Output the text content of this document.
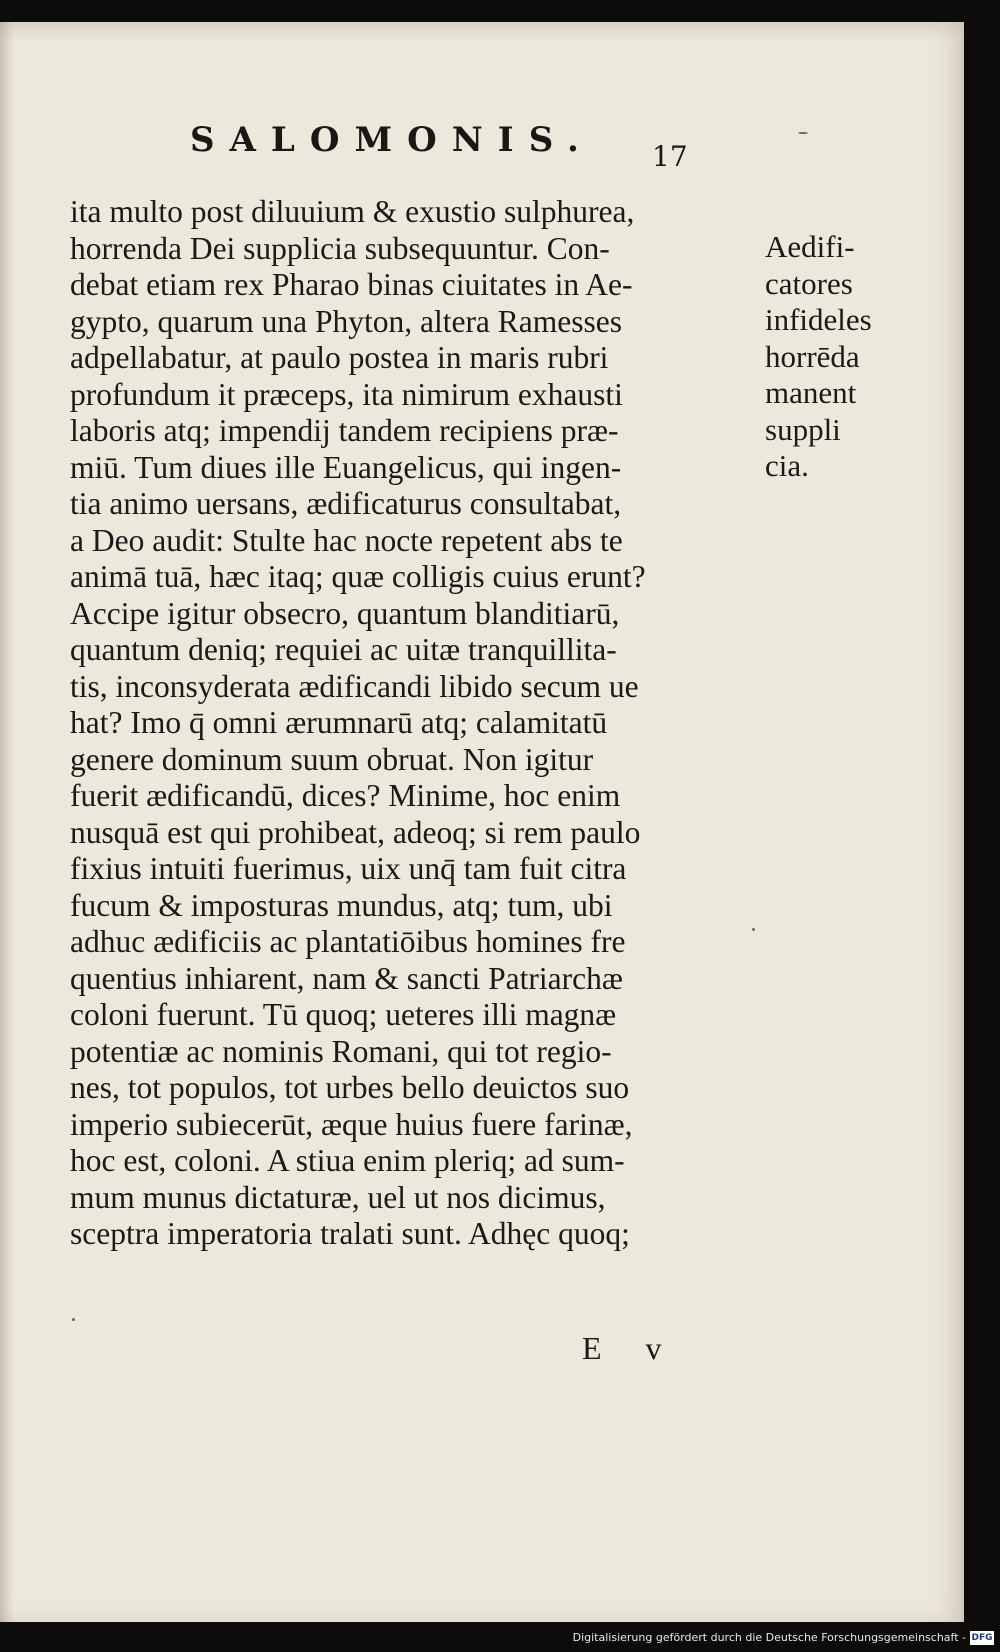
SALOMONIS. 17

ita multo post diluuium & exustio sulphurea,
horrenda Dei supplicia subsequuntur. Con-
debat etiam rex Pharao binas ciuitates in Ae-
gypto, quarum una Phyton, altera Ramesses
adpellabatur, at paulo postea in maris rubri
profundum it præceps, ita nimirum exhausti
laboris atq; impendij tandem recipiens præ-
miū. Tum diues ille Euangelicus, qui ingen-
tia animo uersans, ædificaturus consultabat,
a Deo audit: Stulte hac nocte repetent abs te
animā tuā, hæc itaq; quæ colligis cuius erunt?
Accipe igitur obsecro, quantum blanditiarū,
quantum deniq; requiei ac uitæ tranquillita-
tis, inconsyderata ædificandi libido secum ue
hat? Imo q̄ omni ærumnarū atq; calamitatū
genere dominum suum obruat. Non igitur
fuerit ædificandū, dices? Minime, hoc enim
nusquā est qui prohibeat, adeoq; si rem paulo
fixius intuiti fuerimus, uix unq̄ tam fuit citra
fucum & imposturas mundus, atq; tum, ubi
adhuc ædificiis ac plantatiōibus homines fre
quentius inhiarent, nam & sancti Patriarchæ
coloni fuerunt. Tū quoq; ueteres illi magnæ
potentiæ ac nominis Romani, qui tot regio-
nes, tot populos, tot urbes bello deuictos suo
imperio subiecerūt, æque huius fuere farinæ,
hoc est, coloni. A stiua enim pleriq; ad sum-
mum munus dictaturæ, uel ut nos dicimus,
sceptra imperatoria tralati sunt. Adhęc quoq;
Aedifi-
catores
infideles
horrēda
manent
suppli
cia.

E v

Digitalisierung gefördert durch die Deutsche Forschungsgemeinschaft - DFG
